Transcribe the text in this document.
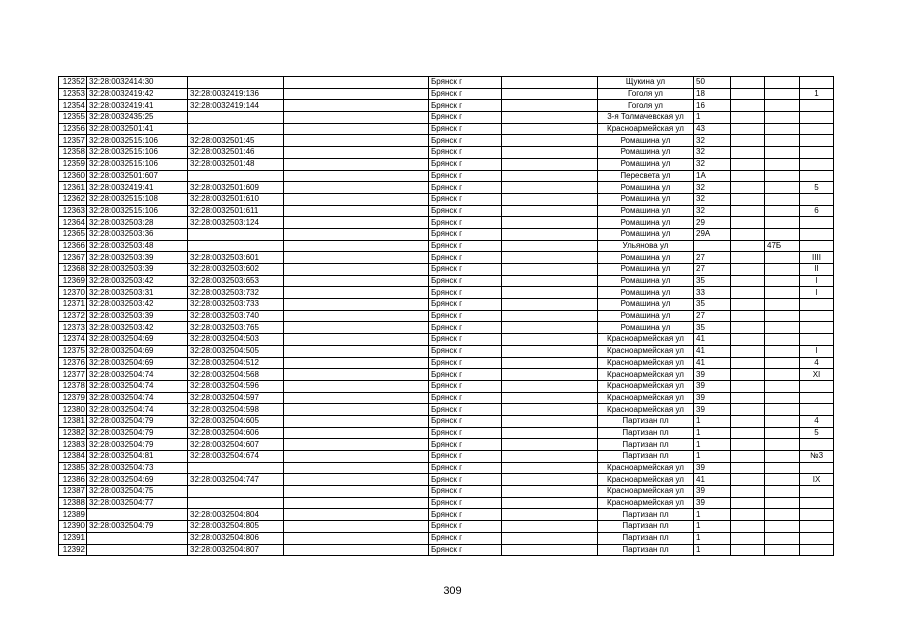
12352	32:28:0032414:30			Брянск г		Щукина ул	50			
12353	32:28:0032419:42	32:28:0032419:136		Брянск г		Гоголя ул	18			1
12354	32:28:0032419:41	32:28:0032419:144		Брянск г		Гоголя ул	16			
12355	32:28:0032435:25			Брянск г		3-я Толмачевская ул	1			
12356	32:28:0032501:41			Брянск г		Красноармейская ул	43			
12357	32:28:0032515:106	32:28:0032501:45		Брянск г		Ромашина ул	32			
12358	32:28:0032515:106	32:28:0032501:46		Брянск г		Ромашина ул	32			
12359	32:28:0032515:106	32:28:0032501:48		Брянск г		Ромашина ул	32			
12360	32:28:0032501:607			Брянск г		Пересвета ул	1А			
12361	32:28:0032419:41	32:28:0032501:609		Брянск г		Ромашина ул	32			5
12362	32:28:0032515:108	32:28:0032501:610		Брянск г		Ромашина ул	32			
12363	32:28:0032515:106	32:28:0032501:611		Брянск г		Ромашина ул	32			6
12364	32:28:0032503:28	32:28:0032503:124		Брянск г		Ромашина ул	29			
12365	32:28:0032503:36			Брянск г		Ромашина ул	29А			
12366	32:28:0032503:48			Брянск г		Ульянова ул			47Б	
12367	32:28:0032503:39	32:28:0032503:601		Брянск г		Ромашина ул	27			IIII
12368	32:28:0032503:39	32:28:0032503:602		Брянск г		Ромашина ул	27			II
12369	32:28:0032503:42	32:28:0032503:653		Брянск г		Ромашина ул	35			I
12370	32:28:0032503:31	32:28:0032503:732		Брянск г		Ромашина ул	33			I
12371	32:28:0032503:42	32:28:0032503:733		Брянск г		Ромашина ул	35			
12372	32:28:0032503:39	32:28:0032503:740		Брянск г		Ромашина ул	27			
12373	32:28:0032503:42	32:28:0032503:765		Брянск г		Ромашина ул	35			
12374	32:28:0032504:69	32:28:0032504:503		Брянск г		Красноармейская ул	41			
12375	32:28:0032504:69	32:28:0032504:505		Брянск г		Красноармейская ул	41			I
12376	32:28:0032504:69	32:28:0032504:512		Брянск г		Красноармейская ул	41			4
12377	32:28:0032504:74	32:28:0032504:568		Брянск г		Красноармейская ул	39			XI
12378	32:28:0032504:74	32:28:0032504:596		Брянск г		Красноармейская ул	39			
12379	32:28:0032504:74	32:28:0032504:597		Брянск г		Красноармейская ул	39			
12380	32:28:0032504:74	32:28:0032504:598		Брянск г		Красноармейская ул	39			
12381	32:28:0032504:79	32:28:0032504:605		Брянск г		Партизан пл	1			4
12382	32:28:0032504:79	32:28:0032504:606		Брянск г		Партизан пл	1			5
12383	32:28:0032504:79	32:28:0032504:607		Брянск г		Партизан пл	1			
12384	32:28:0032504:81	32:28:0032504:674		Брянск г		Партизан пл	1			№3
12385	32:28:0032504:73			Брянск г		Красноармейская ул	39			
12386	32:28:0032504:69	32:28:0032504:747		Брянск г		Красноармейская ул	41			IX
12387	32:28:0032504:75			Брянск г		Красноармейская ул	39			
12388	32:28:0032504:77			Брянск г		Красноармейская ул	39			
12389		32:28:0032504:804		Брянск г		Партизан пл	1			
12390	32:28:0032504:79	32:28:0032504:805		Брянск г		Партизан пл	1			
12391		32:28:0032504:806		Брянск г		Партизан пл	1			
12392		32:28:0032504:807		Брянск г		Партизан пл	1			
309
